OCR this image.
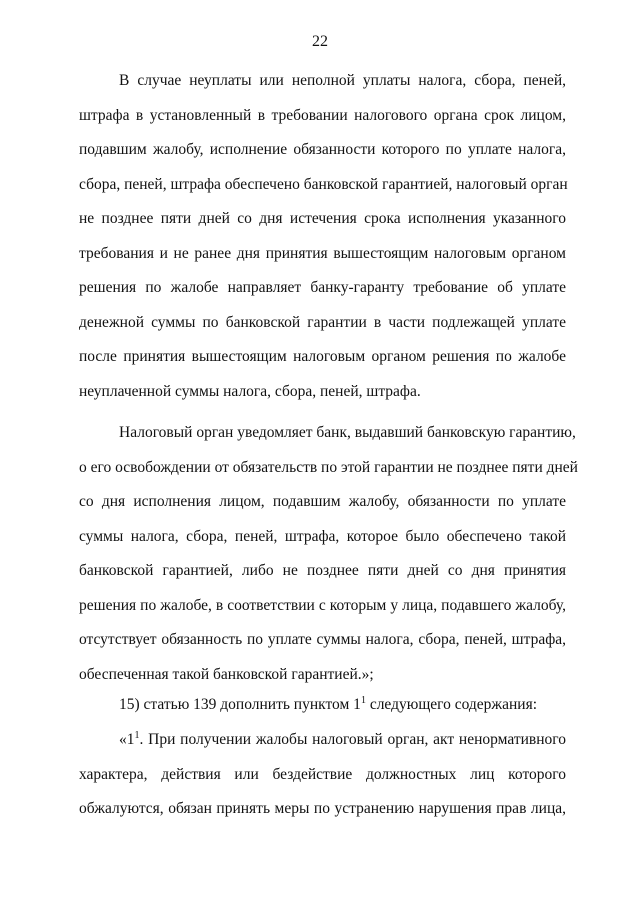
22
В случае неуплаты или неполной уплаты налога, сбора, пеней,
штрафа в установленный в требовании налогового органа срок лицом,
подавшим жалобу, исполнение обязанности которого по уплате налога,
сбора, пеней, штрафа обеспечено банковской гарантией, налоговый орган
не позднее пяти дней со дня истечения срока исполнения указанного
требования и не ранее дня принятия вышестоящим налоговым органом
решения по жалобе направляет банку-гаранту требование об уплате
денежной суммы по банковской гарантии в части подлежащей уплате
после принятия вышестоящим налоговым органом решения по жалобе
неуплаченной суммы налога, сбора, пеней, штрафа.
Налоговый орган уведомляет банк, выдавший банковскую гарантию,
о его освобождении от обязательств по этой гарантии не позднее пяти дней
со дня исполнения лицом, подавшим жалобу, обязанности по уплате
суммы налога, сбора, пеней, штрафа, которое было обеспечено такой
банковской гарантией, либо не позднее пяти дней со дня принятия
решения по жалобе, в соответствии с которым у лица, подавшего жалобу,
отсутствует обязанность по уплате суммы налога, сбора, пеней, штрафа,
обеспеченная такой банковской гарантией.»;
15) статью 139 дополнить пунктом $1^1$ следующего содержания:
«$1^1$. При получении жалобы налоговый орган, акт ненормативного
характера, действия или бездействие должностных лиц которого
обжалуются, обязан принять меры по устранению нарушения прав лица,
